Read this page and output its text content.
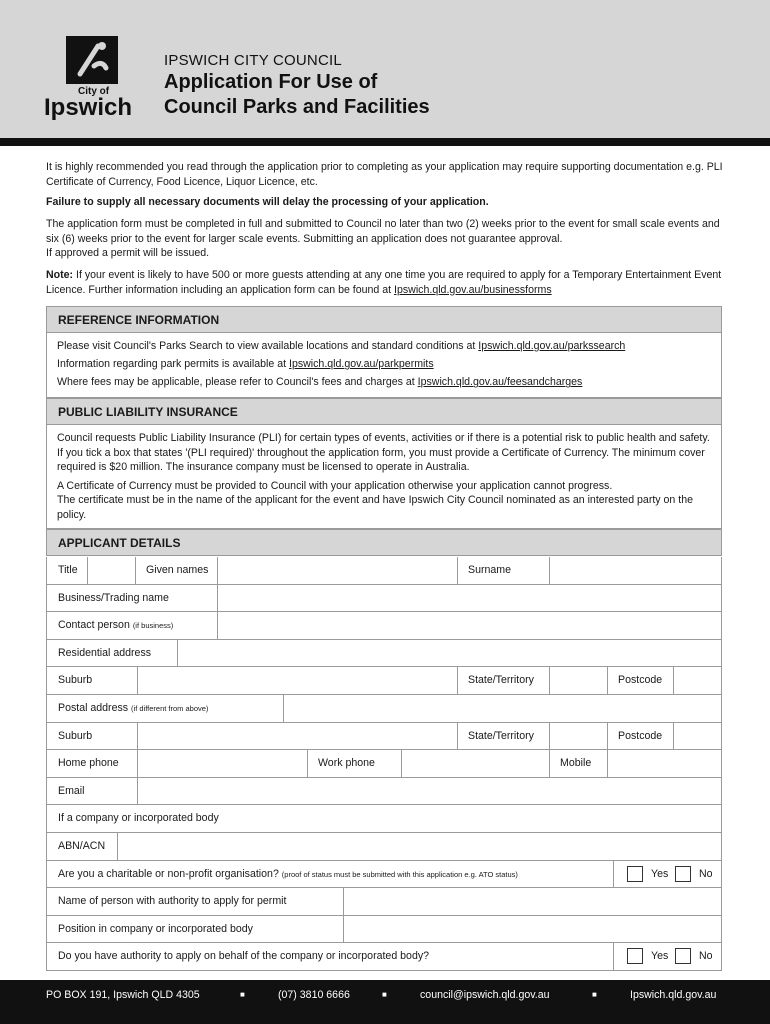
City of
Ipswich
IPSWICH CITY COUNCIL
Application For Use of
Council Parks and Facilities
It is highly recommended you read through the application prior to completing as your application may require supporting documentation e.g. PLI Certificate of Currency, Food Licence, Liquor Licence, etc.
Failure to supply all necessary documents will delay the processing of your application.
The application form must be completed in full and submitted to Council no later than two (2) weeks prior to the event for small scale events and six (6) weeks prior to the event for larger scale events. Submitting an application does not guarantee approval.
If approved a permit will be issued.
Note: If your event is likely to have 500 or more guests attending at any one time you are required to apply for a Temporary Entertainment Event Licence. Further information including an application form can be found at Ipswich.qld.gov.au/businessforms
REFERENCE INFORMATION

Please visit Council's Parks Search to view available locations and standard conditions at Ipswich.qld.gov.au/parkssearch

Information regarding park permits is available at Ipswich.qld.gov.au/parkpermits

Where fees may be applicable, please refer to Council's fees and charges at Ipswich.qld.gov.au/feesandcharges

PUBLIC LIABILITY INSURANCE

Council requests Public Liability Insurance (PLI) for certain types of events, activities or if there is a potential risk to public health and safety. If you tick a box that states '(PLI required)' throughout the application form, you must provide a Certificate of Currency. The minimum cover required is $20 million. The insurance company must be licensed to operate in Australia.

A Certificate of Currency must be provided to Council with your application otherwise your application cannot progress.

The certificate must be in the name of the applicant for the event and have Ipswich City Council nominated as an interested party on the policy.

APPLICANT DETAILS
Title	Given names	Surname
Business/Trading name
Contact person (if business)
Residential address
Suburb	State/Territory	Postcode
Postal address (if different from above)
Suburb	State/Territory	Postcode
Home phone	Work phone	Mobile
Email
If a company or incorporated body
ABN/ACN
Are you a charitable or non-profit organisation? (proof of status must be submitted with this application e.g. ATO status)	Yes	No
Name of person with authority to apply for permit
Position in company or incorporated body
Do you have authority to apply on behalf of the company or incorporated body?	Yes	No
PO BOX 191, Ipswich QLD 4305	■	(07) 3810 6666	■	council@ipswich.qld.gov.au	■	Ipswich.qld.gov.au
